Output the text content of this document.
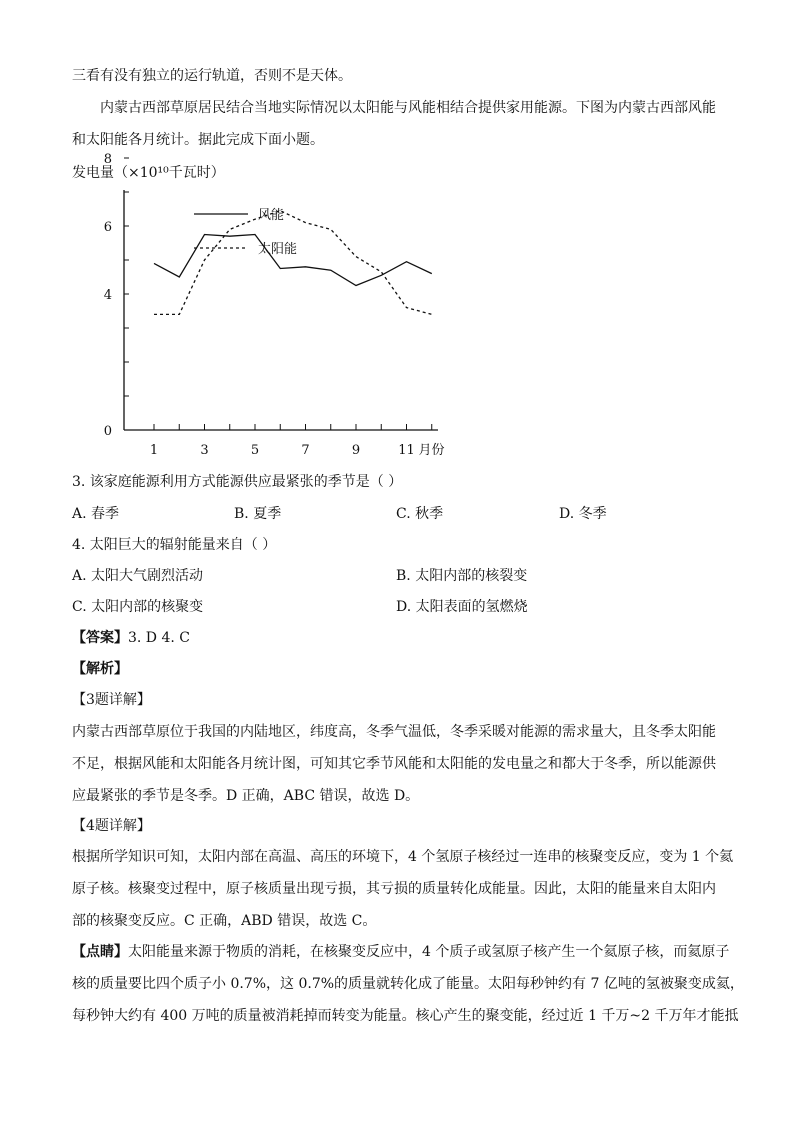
三看有没有独立的运行轨道，否则不是天体。
内蒙古西部草原居民结合当地实际情况以太阳能与风能相结合提供家用能源。下图为内蒙古西部风能
和太阳能各月统计。据此完成下面小题。
发电量（×10¹⁰千瓦时）
0
4
6
8
1	3	5	7	9	11 月份
风能
太阳能
3. 该家庭能源利用方式能源供应最紧张的季节是（ ）
A. 春季	B. 夏季	C. 秋季	D. 冬季
4. 太阳巨大的辐射能量来自（ ）
A. 太阳大气剧烈活动	B. 太阳内部的核裂变
C. 太阳内部的核聚变	D. 太阳表面的氢燃烧
【答案】3. D 4. C
【解析】
【3题详解】
内蒙古西部草原位于我国的内陆地区，纬度高，冬季气温低，冬季采暖对能源的需求量大，且冬季太阳能
不足，根据风能和太阳能各月统计图，可知其它季节风能和太阳能的发电量之和都大于冬季，所以能源供
应最紧张的季节是冬季。D 正确，ABC 错误，故选 D。
【4题详解】
根据所学知识可知，太阳内部在高温、高压的环境下，4 个氢原子核经过一连串的核聚变反应，变为 1 个氦
原子核。核聚变过程中，原子核质量出现亏损，其亏损的质量转化成能量。因此，太阳的能量来自太阳内
部的核聚变反应。C 正确，ABD 错误，故选 C。
【点睛】太阳能量来源于物质的消耗，在核聚变反应中，4 个质子或氢原子核产生一个氦原子核，而氦原子
核的质量要比四个质子小 0.7%，这 0.7%的质量就转化成了能量。太阳每秒钟约有 7 亿吨的氢被聚变成氦，
每秒钟大约有 400 万吨的质量被消耗掉而转变为能量。核心产生的聚变能，经过近 1 千万~2 千万年才能抵
